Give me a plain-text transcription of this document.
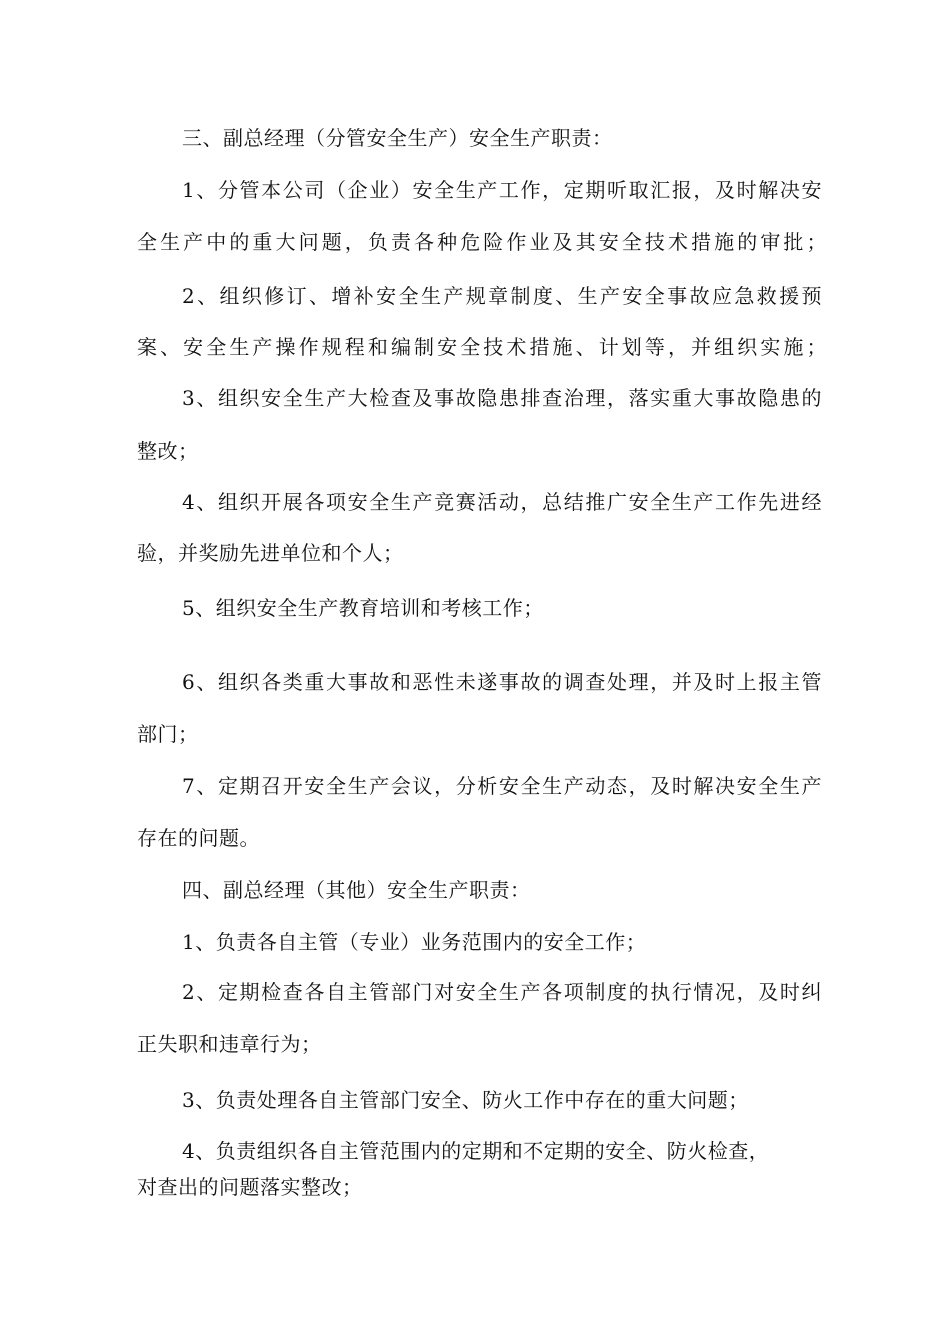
三、副总经理（分管安全生产）安全生产职责：
1、分管本公司（企业）安全生产工作，定期听取汇报，及时解决安
全生产中的重大问题，负责各种危险作业及其安全技术措施的审批；
2、组织修订、增补安全生产规章制度、生产安全事故应急救援预
案、安全生产操作规程和编制安全技术措施、计划等，并组织实施；
3、组织安全生产大检查及事故隐患排查治理，落实重大事故隐患的
整改；
4、组织开展各项安全生产竞赛活动，总结推广安全生产工作先进经
验，并奖励先进单位和个人；
5、组织安全生产教育培训和考核工作；
6、组织各类重大事故和恶性未遂事故的调查处理，并及时上报主管
部门；
7、定期召开安全生产会议，分析安全生产动态，及时解决安全生产
存在的问题。
四、副总经理（其他）安全生产职责：
1、负责各自主管（专业）业务范围内的安全工作；
2、定期检查各自主管部门对安全生产各项制度的执行情况，及时纠
正失职和违章行为；
3、负责处理各自主管部门安全、防火工作中存在的重大问题；
4、负责组织各自主管范围内的定期和不定期的安全、防火检查，
对查出的问题落实整改；
